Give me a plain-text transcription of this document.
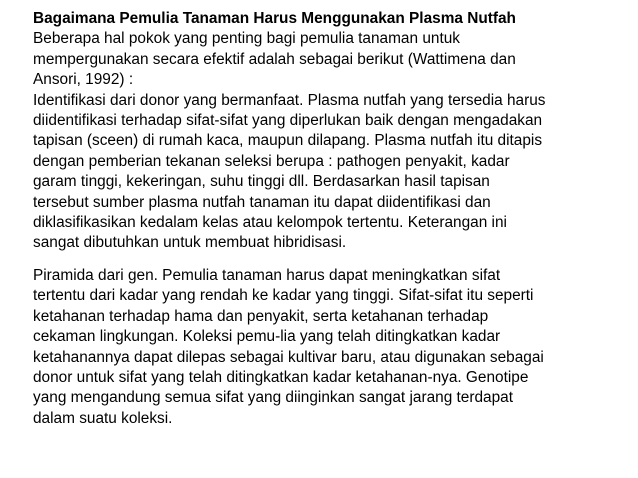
Bagaimana Pemulia Tanaman Harus Menggunakan Plasma Nutfah
Beberapa hal pokok yang penting bagi pemulia tanaman untuk
mempergunakan secara efektif adalah sebagai berikut (Wattimena dan
Ansori, 1992) :
Identifikasi dari donor yang bermanfaat. Plasma nutfah yang tersedia harus
diidentifikasi terhadap sifat-sifat yang diperlukan baik dengan mengadakan
tapisan (sceen) di rumah kaca, maupun dilapang. Plasma nutfah itu ditapis
dengan pemberian tekanan seleksi berupa : pathogen penyakit, kadar
garam tinggi, kekeringan, suhu tinggi dll. Berdasarkan hasil tapisan
tersebut sumber plasma nutfah tanaman itu dapat diidentifikasi dan
diklasifikasikan kedalam kelas atau kelompok tertentu. Keterangan ini
sangat dibutuhkan untuk membuat hibridisasi.
Piramida dari gen. Pemulia tanaman harus dapat meningkatkan sifat
tertentu dari kadar yang rendah ke kadar yang tinggi. Sifat-sifat itu seperti
ketahanan terhadap hama dan penyakit, serta ketahanan terhadap
cekaman lingkungan. Koleksi pemu-lia yang telah ditingkatkan kadar
ketahanannya dapat dilepas sebagai kultivar baru, atau digunakan sebagai
donor untuk sifat yang telah ditingkatkan kadar ketahanan-nya. Genotipe
yang mengandung semua sifat yang diinginkan sangat jarang terdapat
dalam suatu koleksi.
